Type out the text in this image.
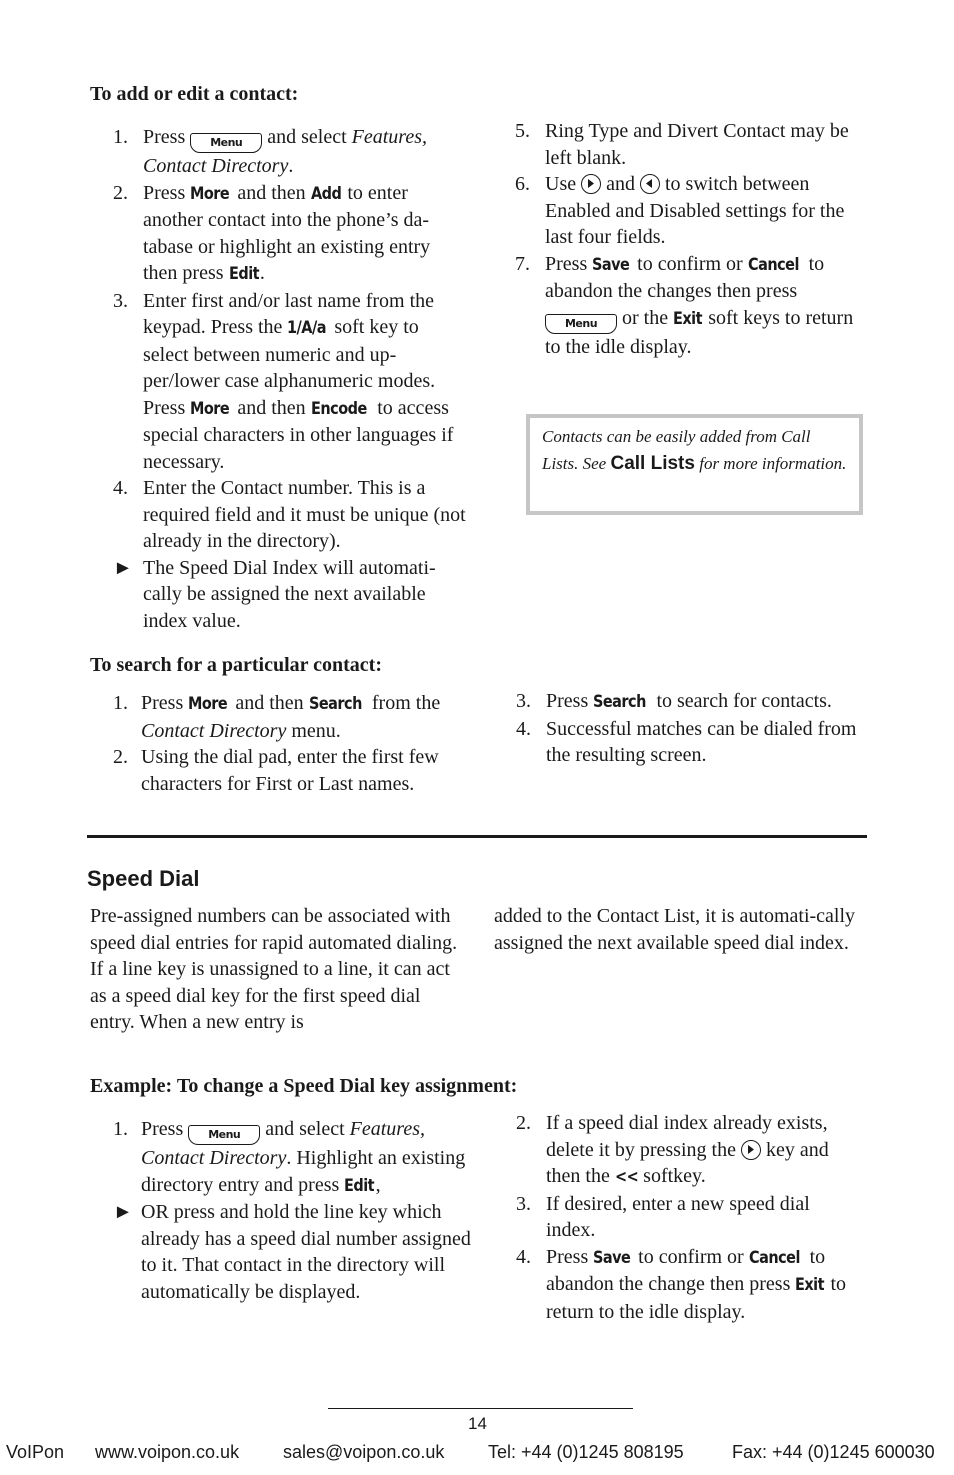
To add or edit a contact:
1. Press Menu and select Features, Contact Directory.
2. Press More and then Add to enter another contact into the phone’s da-tabase or highlight an existing entry then press Edit.
3. Enter first and/or last name from the keypad. Press the 1/A/a soft key to select between numeric and up-per/lower case alphanumeric modes. Press More and then Encode to access special characters in other languages if necessary.
4. Enter the Contact number. This is a required field and it must be unique (not already in the directory).
► The Speed Dial Index will automati-cally be assigned the next available index value.
5. Ring Type and Divert Contact may be left blank.
6. Use
and
to switch between Enabled and Disabled settings for the last four fields.
7. Press Save to confirm or Cancel to abandon the changes then press Menu or the Exit soft keys to return to the idle display.
Contacts can be easily added from Call Lists. See Call Lists for more information.
To search for a particular contact:
1. Press More and then Search from the Contact Directory menu.
2. Using the dial pad, enter the first few characters for First or Last names.
3. Press Search to search for contacts.
4. Successful matches can be dialed from the resulting screen.
Speed Dial
Pre-assigned numbers can be associated with speed dial entries for rapid automated dialing. If a line key is unassigned to a line, it can act as a speed dial key for the first speed dial entry. When a new entry is
added to the Contact List, it is automati-cally assigned the next available speed dial index.
Example: To change a Speed Dial key assignment:
1. Press Menu and select Features, Contact Directory. Highlight an existing directory entry and press Edit,
► OR press and hold the line key which already has a speed dial number assigned to it. That contact in the directory will automatically be displayed.
2. If a speed dial index already exists, delete it by pressing the
key and then the << softkey.
3. If desired, enter a new speed dial index.
4. Press Save to confirm or Cancel to abandon the change then press Exit to return to the idle display.
14
VoIPon www.voipon.co.uk sales@voipon.co.uk Tel: +44 (0)1245 808195	Fax: +44 (0)1245 600030
